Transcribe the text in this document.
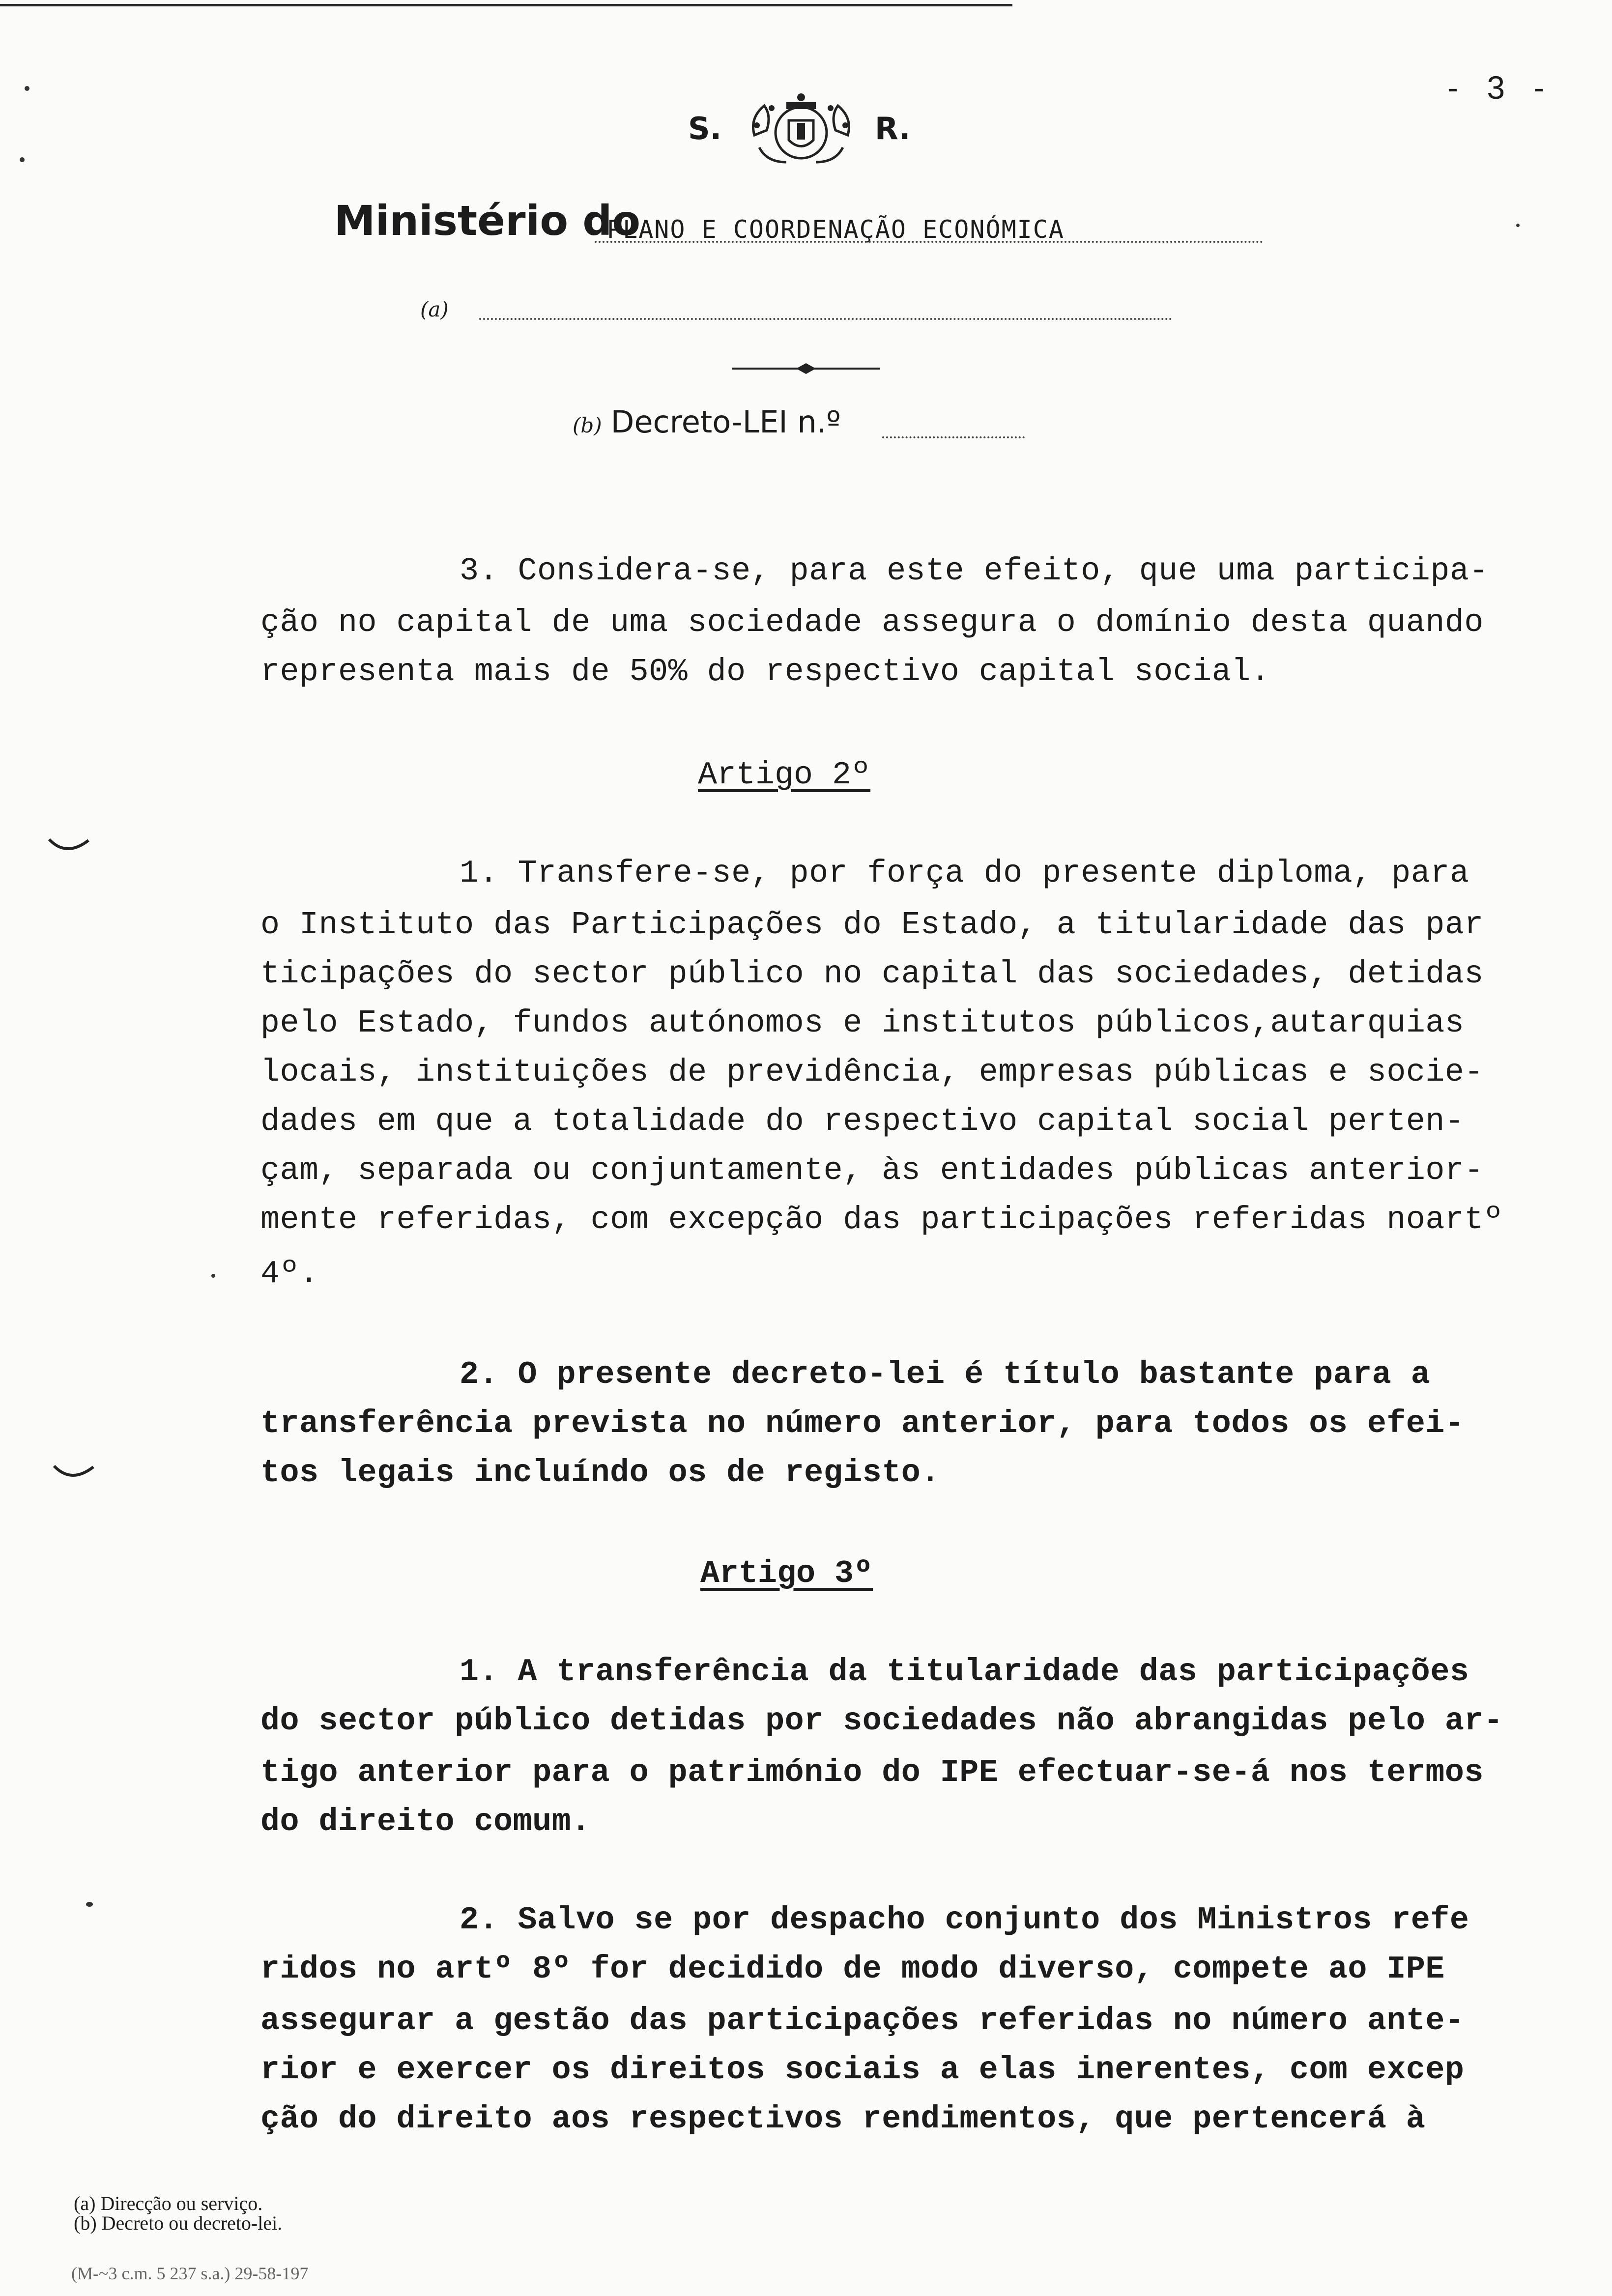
- 3 -
S.	R.
Ministério do
PLANO E COORDENAÇÃO ECONÓMICA
(a)
(b) Decreto-LEI n.º
3. Considera-se, para este efeito, que uma participa-
ção no capital de uma sociedade assegura o domínio desta quando
representa mais de 50% do respectivo capital social.
Artigo 2º
1. Transfere-se, por força do presente diploma, para
o Instituto das Participações do Estado, a titularidade das par
ticipações do sector público no capital das sociedades, detidas
pelo Estado, fundos autónomos e institutos públicos,autarquias
locais, instituições de previdência, empresas públicas e socie-
dades em que a totalidade do respectivo capital social perten-
çam, separada ou conjuntamente, às entidades públicas anterior-
mente referidas, com excepção das participações referidas noartº
4º.
2. O presente decreto-lei é título bastante para a
transferência prevista no número anterior, para todos os efei-
tos legais incluíndo os de registo.
Artigo 3º
1. A transferência da titularidade das participações
do sector público detidas por sociedades não abrangidas pelo ar-
tigo anterior para o património do IPE efectuar-se-á nos termos
do direito comum.
2. Salvo se por despacho conjunto dos Ministros refe
ridos no artº 8º for decidido de modo diverso, compete ao IPE
assegurar a gestão das participações referidas no número ante-
rior e exercer os direitos sociais a elas inerentes, com excep
ção do direito aos respectivos rendimentos, que pertencerá à
(a) Direcção ou serviço.
(b) Decreto ou decreto-lei.
(M-~3 c.m. 5 237 s.a.) 29-58-197
